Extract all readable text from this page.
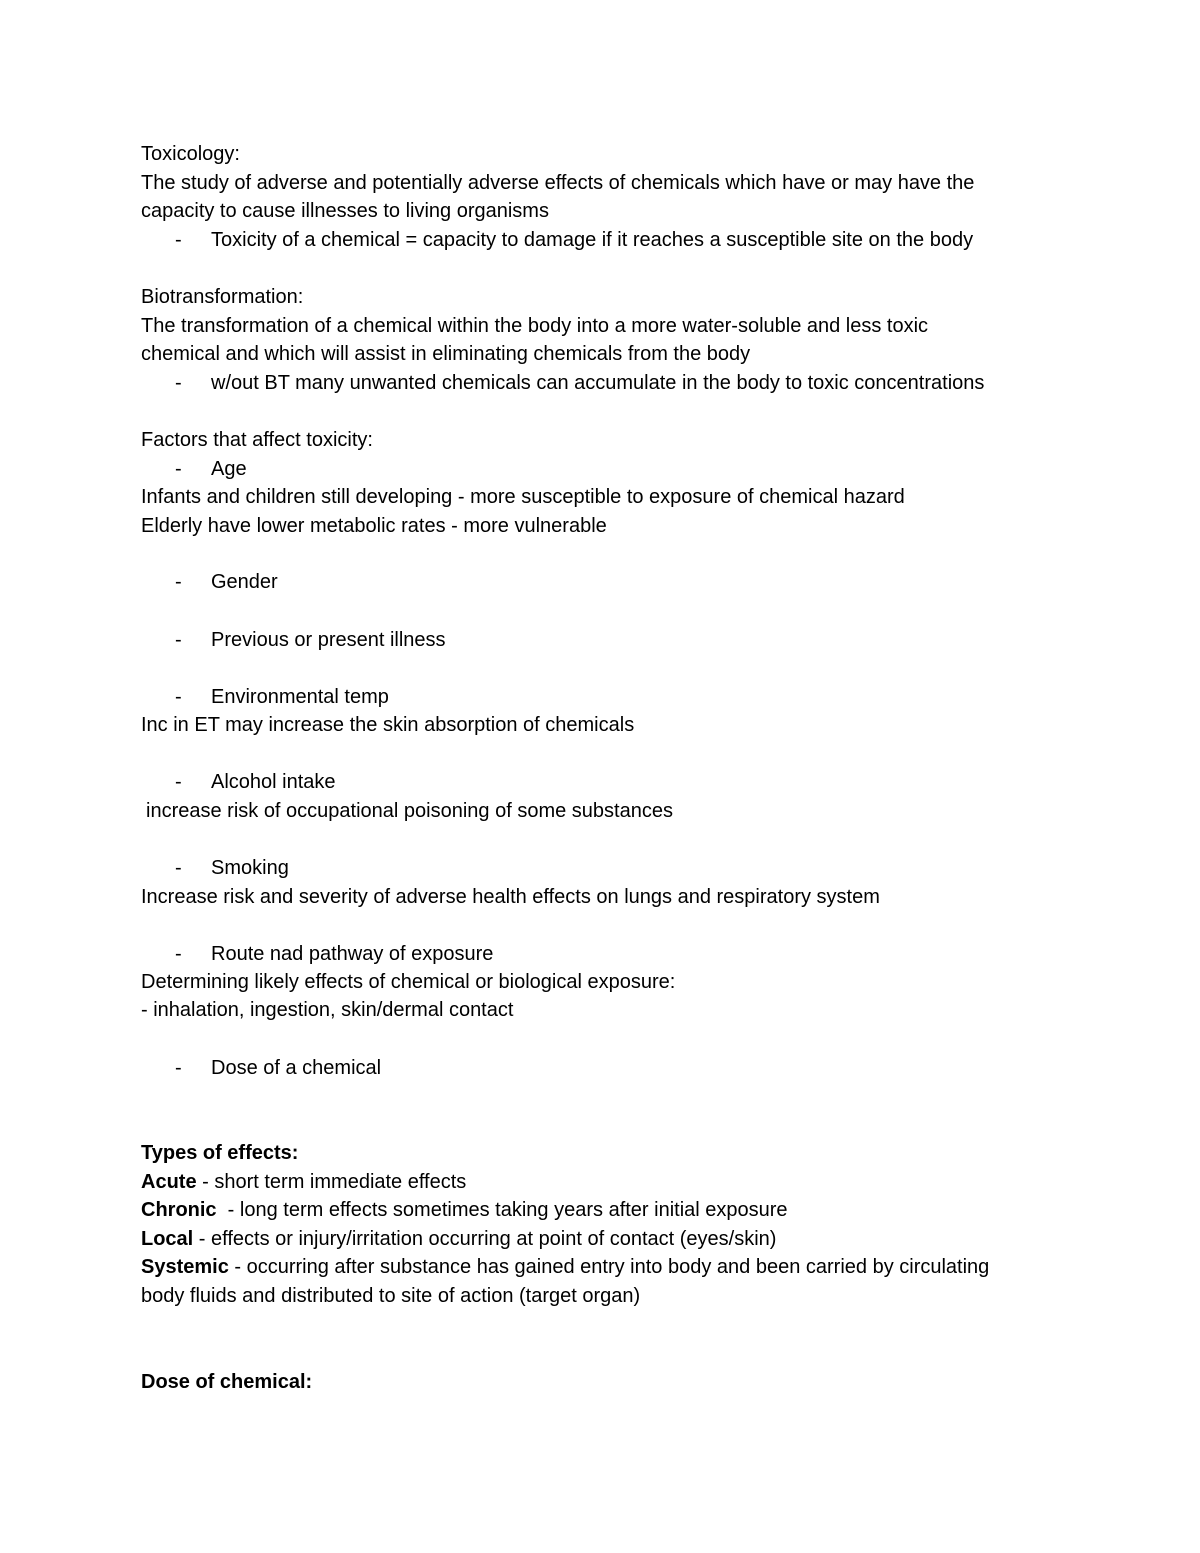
Toxicology:
The study of adverse and potentially adverse effects of chemicals which have or may have the
capacity to cause illnesses to living organisms
- Toxicity of a chemical = capacity to damage if it reaches a susceptible site on the body
Biotransformation:
The transformation of a chemical within the body into a more water-soluble and less toxic
chemical and which will assist in eliminating chemicals from the body
- w/out BT many unwanted chemicals can accumulate in the body to toxic concentrations
Factors that affect toxicity:
- Age
Infants and children still developing - more susceptible to exposure of chemical hazard
Elderly have lower metabolic rates - more vulnerable
- Gender
- Previous or present illness
- Environmental temp
Inc in ET may increase the skin absorption of chemicals
- Alcohol intake
increase risk of occupational poisoning of some substances
- Smoking
Increase risk and severity of adverse health effects on lungs and respiratory system
- Route nad pathway of exposure
Determining likely effects of chemical or biological exposure:
- inhalation, ingestion, skin/dermal contact
- Dose of a chemical
Types of effects:
Acute - short term immediate effects
Chronic  - long term effects sometimes taking years after initial exposure
Local - effects or injury/irritation occurring at point of contact (eyes/skin)
Systemic - occurring after substance has gained entry into body and been carried by circulating
body fluids and distributed to site of action (target organ)
Dose of chemical:
